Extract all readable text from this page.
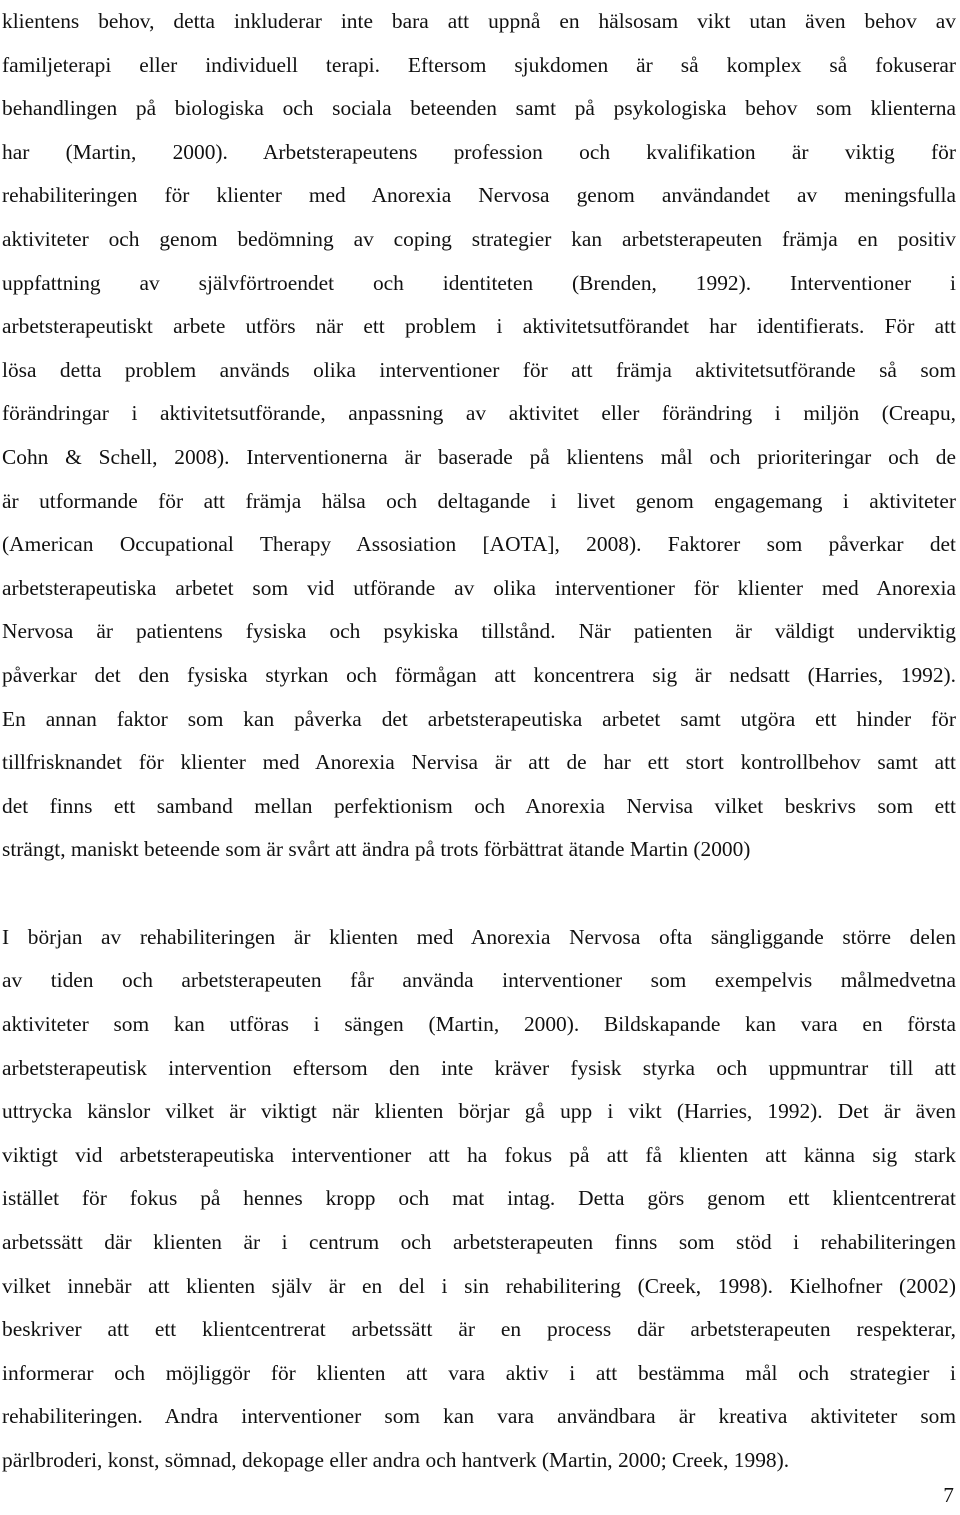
klientens behov, detta inkluderar inte bara att uppnå en hälsosam vikt utan även behov av
familjeterapi eller individuell terapi. Eftersom sjukdomen är så komplex så fokuserar
behandlingen på biologiska och sociala beteenden samt på psykologiska behov som klienterna
har (Martin, 2000). Arbetsterapeutens profession och kvalifikation är viktig för
rehabiliteringen för klienter med Anorexia Nervosa genom användandet av meningsfulla
aktiviteter och genom bedömning av coping strategier kan arbetsterapeuten främja en positiv
uppfattning av självförtroendet och identiteten (Brenden, 1992). Interventioner i
arbetsterapeutiskt arbete utförs när ett problem i aktivitetsutförandet har identifierats. För att
lösa detta problem används olika interventioner för att främja aktivitetsutförande så som
förändringar i aktivitetsutförande, anpassning av aktivitet eller förändring i miljön (Creapu,
Cohn & Schell, 2008). Interventionerna är baserade på klientens mål och prioriteringar och de
är utformande för att främja hälsa och deltagande i livet genom engagemang i aktiviteter
(American Occupational Therapy Assosiation [AOTA], 2008). Faktorer som påverkar det
arbetsterapeutiska arbetet som vid utförande av olika interventioner för klienter med Anorexia
Nervosa är patientens fysiska och psykiska tillstånd. När patienten är väldigt underviktig
påverkar det den fysiska styrkan och förmågan att koncentrera sig är nedsatt (Harries, 1992).
En annan faktor som kan påverka det arbetsterapeutiska arbetet samt utgöra ett hinder för
tillfrisknandet för klienter med Anorexia Nervisa är att de har ett stort kontrollbehov samt att
det finns ett samband mellan perfektionism och Anorexia Nervisa vilket beskrivs som ett
strängt, maniskt beteende som är svårt att ändra på trots förbättrat ätande Martin (2000)

I början av rehabiliteringen är klienten med Anorexia Nervosa ofta sängliggande större delen
av tiden och arbetsterapeuten får använda interventioner som exempelvis målmedvetna
aktiviteter som kan utföras i sängen (Martin, 2000). Bildskapande kan vara en första
arbetsterapeutisk intervention eftersom den inte kräver fysisk styrka och uppmuntrar till att
uttrycka känslor vilket är viktigt när klienten börjar gå upp i vikt (Harries, 1992). Det är även
viktigt vid arbetsterapeutiska interventioner att ha fokus på att få klienten att känna sig stark
istället för fokus på hennes kropp och mat intag. Detta görs genom ett klientcentrerat
arbetssätt där klienten är i centrum och arbetsterapeuten finns som stöd i rehabiliteringen
vilket innebär att klienten själv är en del i sin rehabilitering (Creek, 1998). Kielhofner (2002)
beskriver att ett klientcentrerat arbetssätt är en process där arbetsterapeuten respekterar,
informerar och möjliggör för klienten att vara aktiv i att bestämma mål och strategier i
rehabiliteringen. Andra interventioner som kan vara användbara är kreativa aktiviteter som
pärlbroderi, konst, sömnad, dekopage eller andra och hantverk (Martin, 2000; Creek, 1998).

7
